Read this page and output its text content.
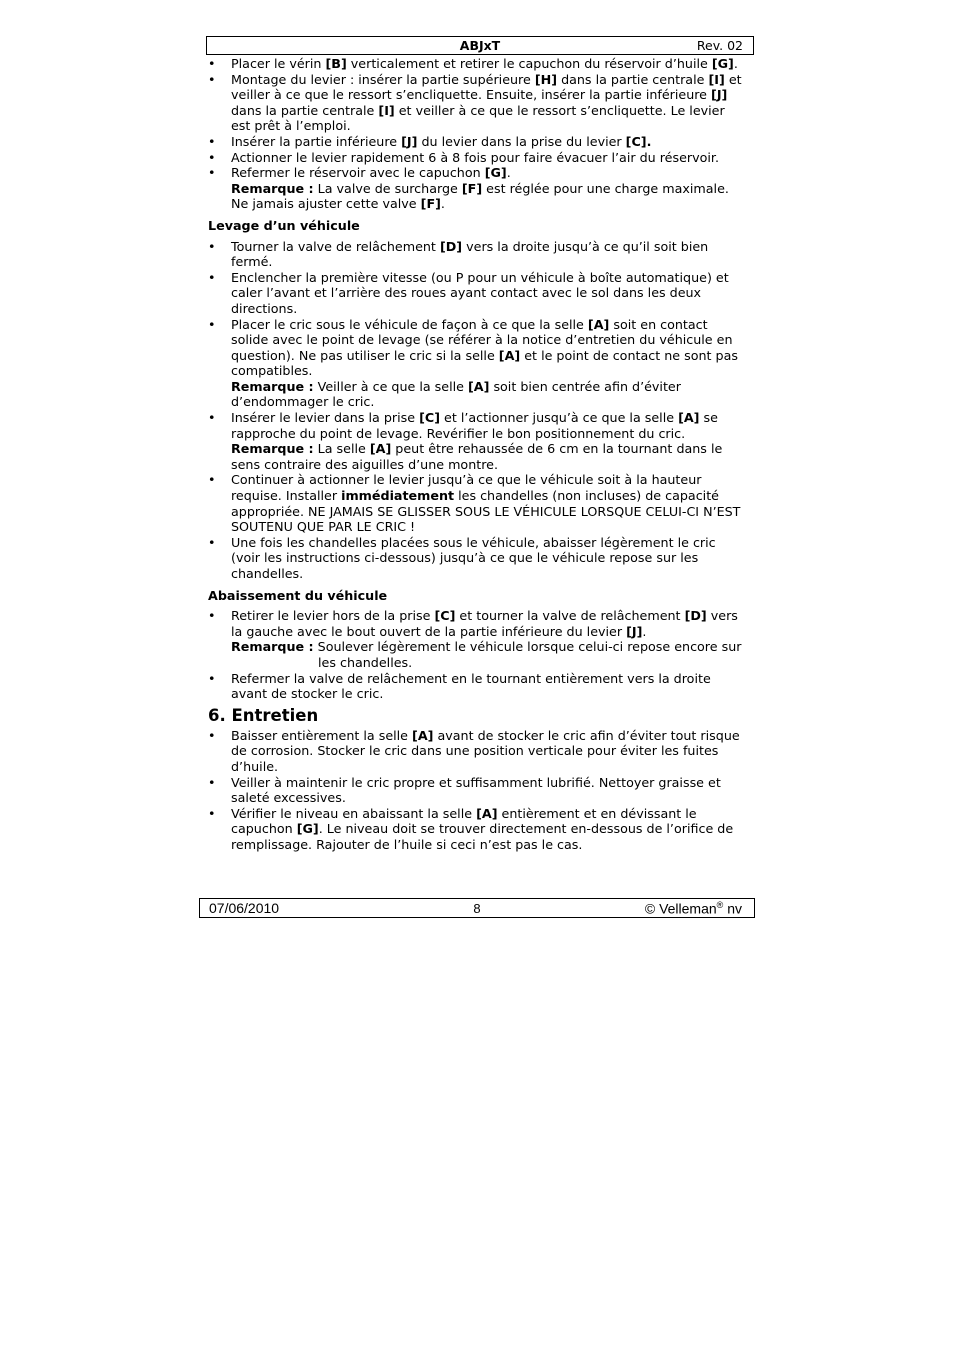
ABJxT	Rev. 02
• Placer le vérin [B] verticalement et retirer le capuchon du réservoir d’huile [G].
• Montage du levier : insérer la partie supérieure [H] dans la partie centrale [I] et veiller à ce que le ressort s’encliquette. Ensuite, insérer la partie inférieure [J] dans la partie centrale [I] et veiller à ce que le ressort s’encliquette. Le levier est prêt à l’emploi.
• Insérer la partie inférieure [J] du levier dans la prise du levier [C].
• Actionner le levier rapidement 6 à 8 fois pour faire évacuer l’air du réservoir.
• Refermer le réservoir avec le capuchon [G].
Remarque : La valve de surcharge [F] est réglée pour une charge maximale. Ne jamais ajuster cette valve [F].
Levage d’un véhicule
• Tourner la valve de relâchement [D] vers la droite jusqu’à ce qu’il soit bien fermé.
• Enclencher la première vitesse (ou P pour un véhicule à boîte automatique) et caler l’avant et l’arrière des roues ayant contact avec le sol dans les deux directions.
• Placer le cric sous le véhicule de façon à ce que la selle [A] soit en contact solide avec le point de levage (se référer à la notice d’entretien du véhicule en question). Ne pas utiliser le cric si la selle [A] et le point de contact ne sont pas compatibles.
Remarque : Veiller à ce que la selle [A] soit bien centrée afin d’éviter d’endommager le cric.
• Insérer le levier dans la prise [C] et l’actionner jusqu’à ce que la selle [A] se rapproche du point de levage. Revérifier le bon positionnement du cric.
Remarque : La selle [A] peut être rehaussée de 6 cm en la tournant dans le sens contraire des aiguilles d’une montre.
• Continuer à actionner le levier jusqu’à ce que le véhicule soit à la hauteur requise. Installer immédiatement les chandelles (non incluses) de capacité appropriée. NE JAMAIS SE GLISSER SOUS LE VÉHICULE LORSQUE CELUI-CI N’EST SOUTENU QUE PAR LE CRIC !
• Une fois les chandelles placées sous le véhicule, abaisser légèrement le cric (voir les instructions ci-dessous) jusqu’à ce que le véhicule repose sur les chandelles.
Abaissement du véhicule
• Retirer le levier hors de la prise [C] et tourner la valve de relâchement [D] vers la gauche avec le bout ouvert de la partie inférieure du levier [J].
Remarque : Soulever légèrement le véhicule lorsque celui-ci repose encore sur les chandelles.
• Refermer la valve de relâchement en le tournant entièrement vers la droite avant de stocker le cric.
6. Entretien
• Baisser entièrement la selle [A] avant de stocker le cric afin d’éviter tout risque de corrosion. Stocker le cric dans une position verticale pour éviter les fuites d’huile.
• Veiller à maintenir le cric propre et suffisamment lubrifié. Nettoyer graisse et saleté excessives.
• Vérifier le niveau en abaissant la selle [A] entièrement et en dévissant le capuchon [G]. Le niveau doit se trouver directement en-dessous de l’orifice de remplissage. Rajouter de l’huile si ceci n’est pas le cas.
07/06/2010	8	© Velleman® nv
